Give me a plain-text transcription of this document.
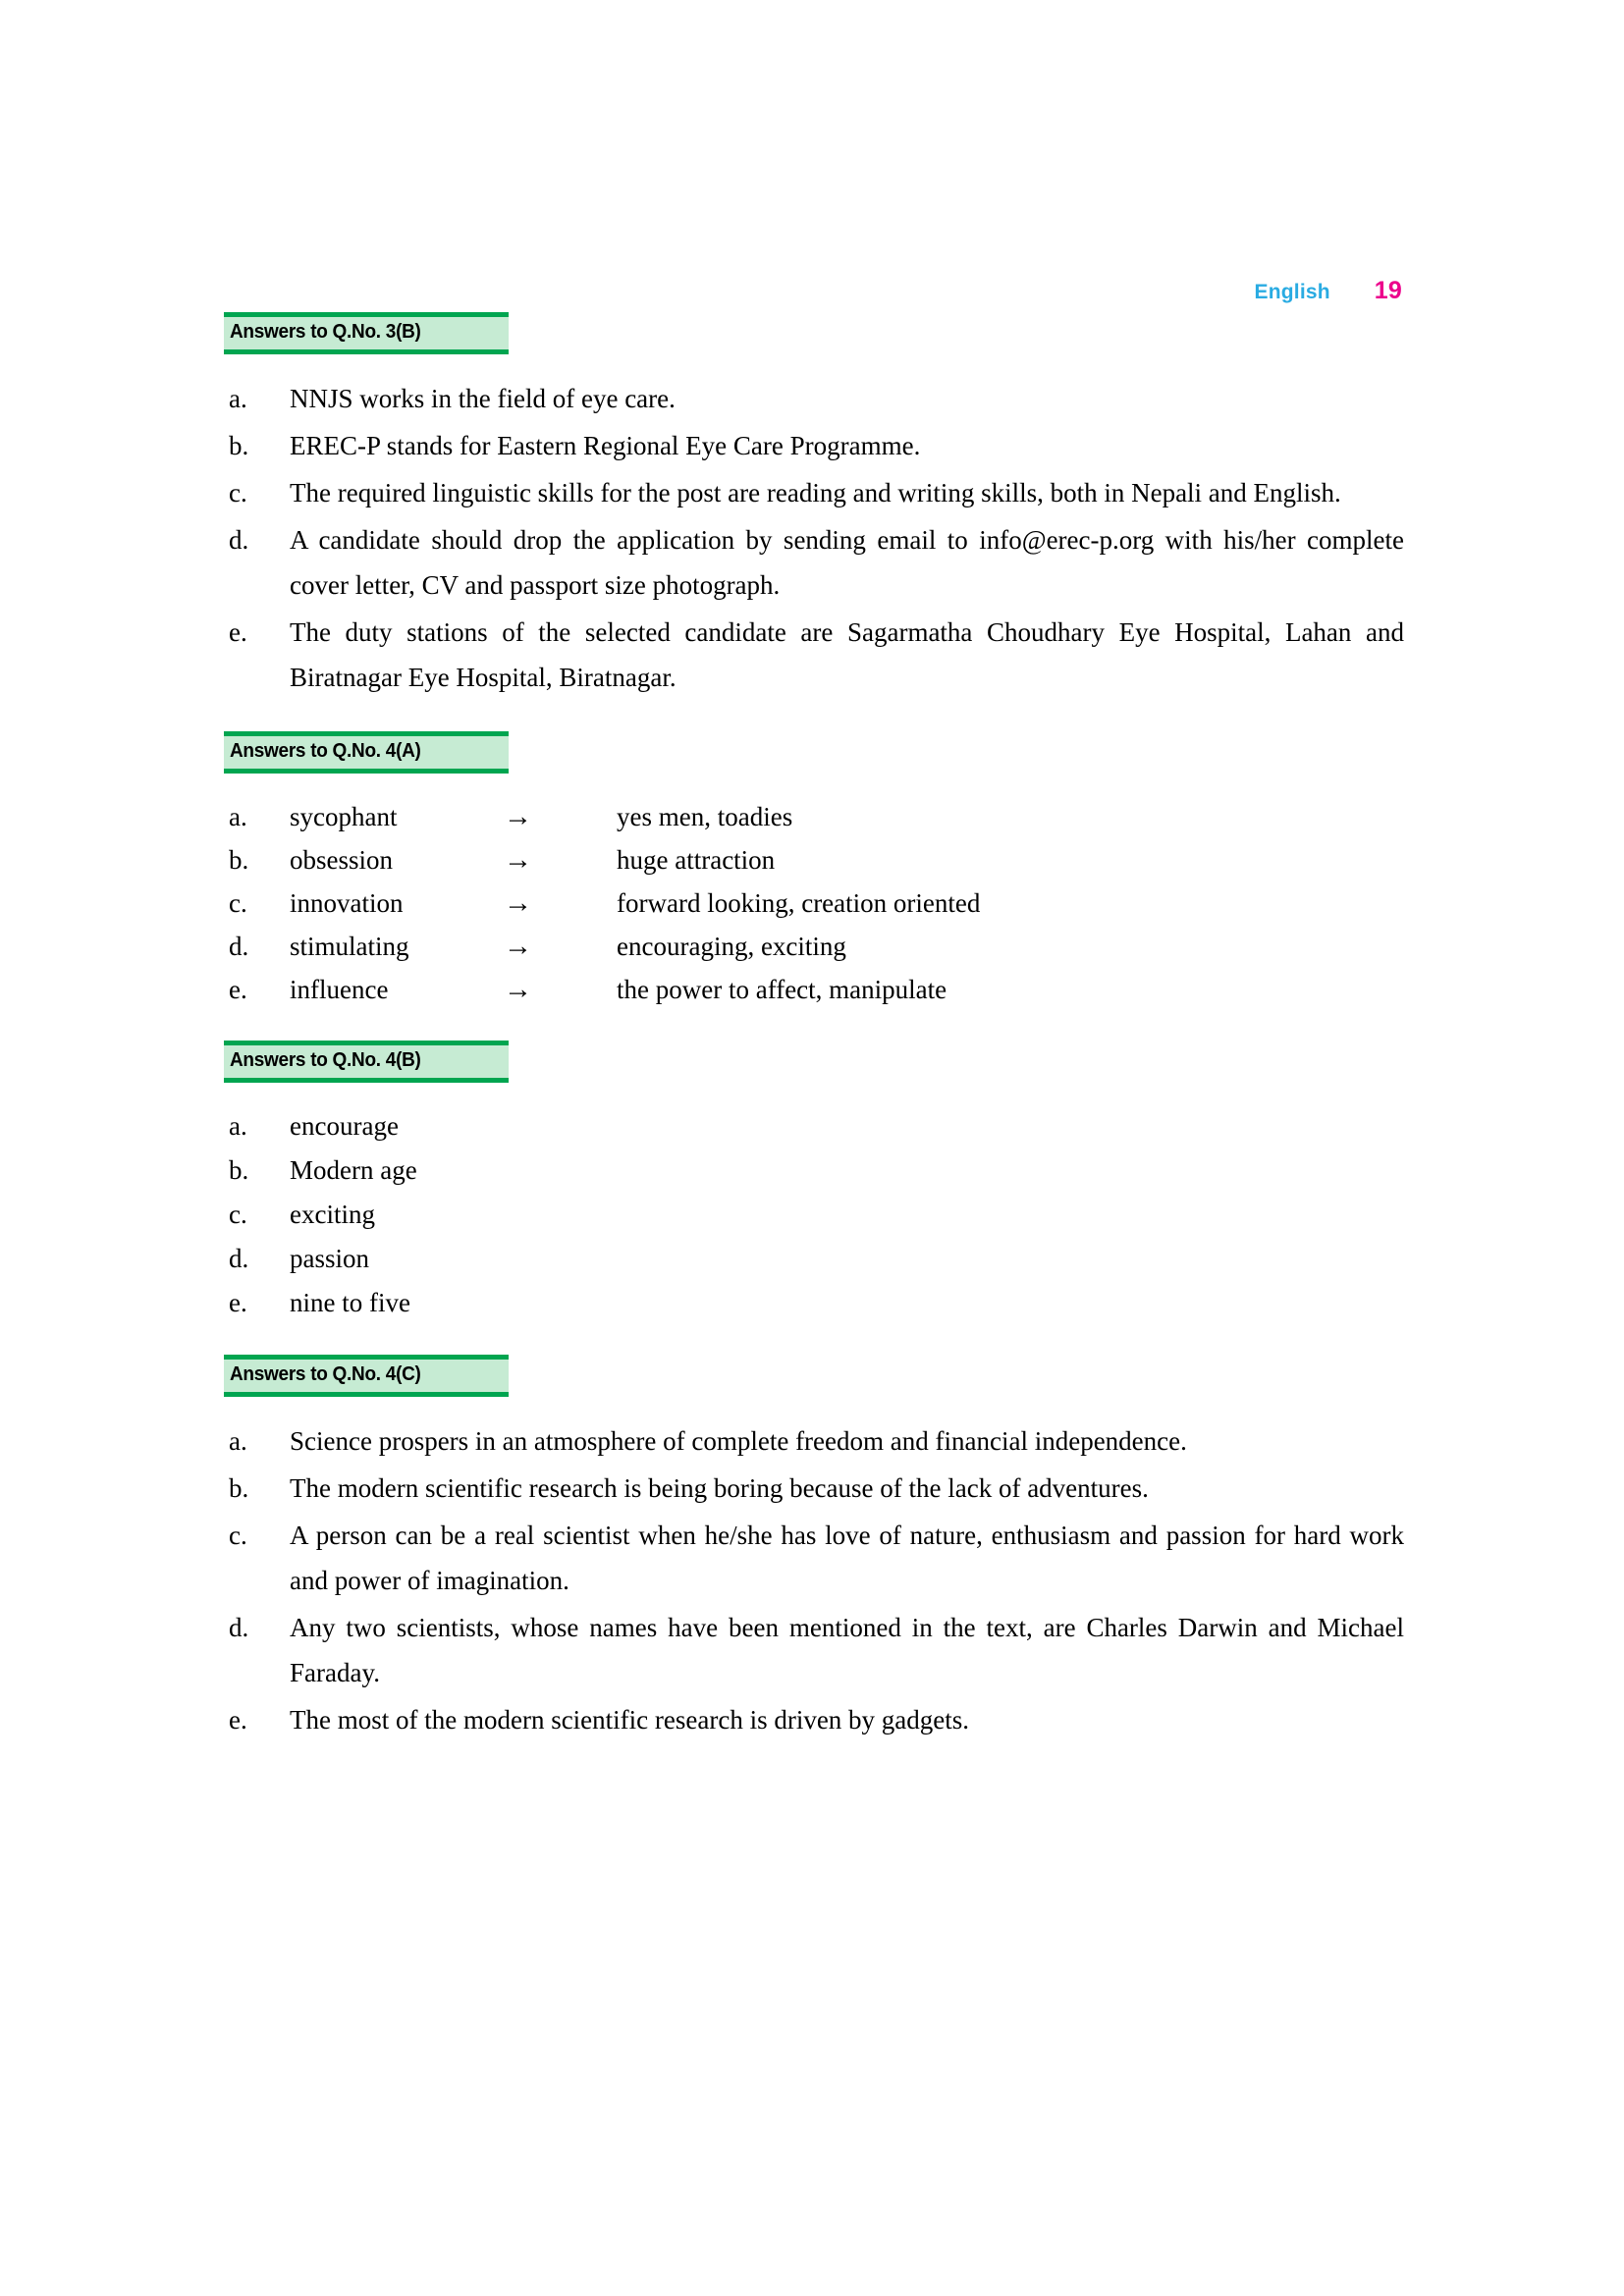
English 19
Answers to Q.No. 3(B)
a.	NNJS works in the field of eye care.
b.	EREC-P stands for Eastern Regional Eye Care Programme.
c.	The required linguistic skills for the post are reading and writing skills, both in Nepali and English.
d.	A candidate should drop the application by sending email to info@erec-p.org with his/her complete cover letter, CV and passport size photograph.
e.	The duty stations of the selected candidate are Sagarmatha Choudhary Eye Hospital, Lahan and Biratnagar Eye Hospital, Biratnagar.
Answers to Q.No. 4(A)
a. sycophant	→	yes men, toadies
b. obsession	→	huge attraction
c. innovation	→	forward looking, creation oriented
d. stimulating	→	encouraging, exciting
e. influence	→	the power to affect, manipulate
Answers to Q.No. 4(B)
a.	encourage
b.	Modern age
c.	exciting
d.	passion
e.	nine to five
Answers to Q.No. 4(C)
a.	Science prospers in an atmosphere of complete freedom and financial independence.
b.	The modern scientific research is being boring because of the lack of adventures.
c.	A person can be a real scientist when he/she has love of nature, enthusiasm and passion for hard work and power of imagination.
d.	Any two scientists, whose names have been mentioned in the text, are Charles Darwin and Michael Faraday.
e.	The most of the modern scientific research is driven by gadgets.
